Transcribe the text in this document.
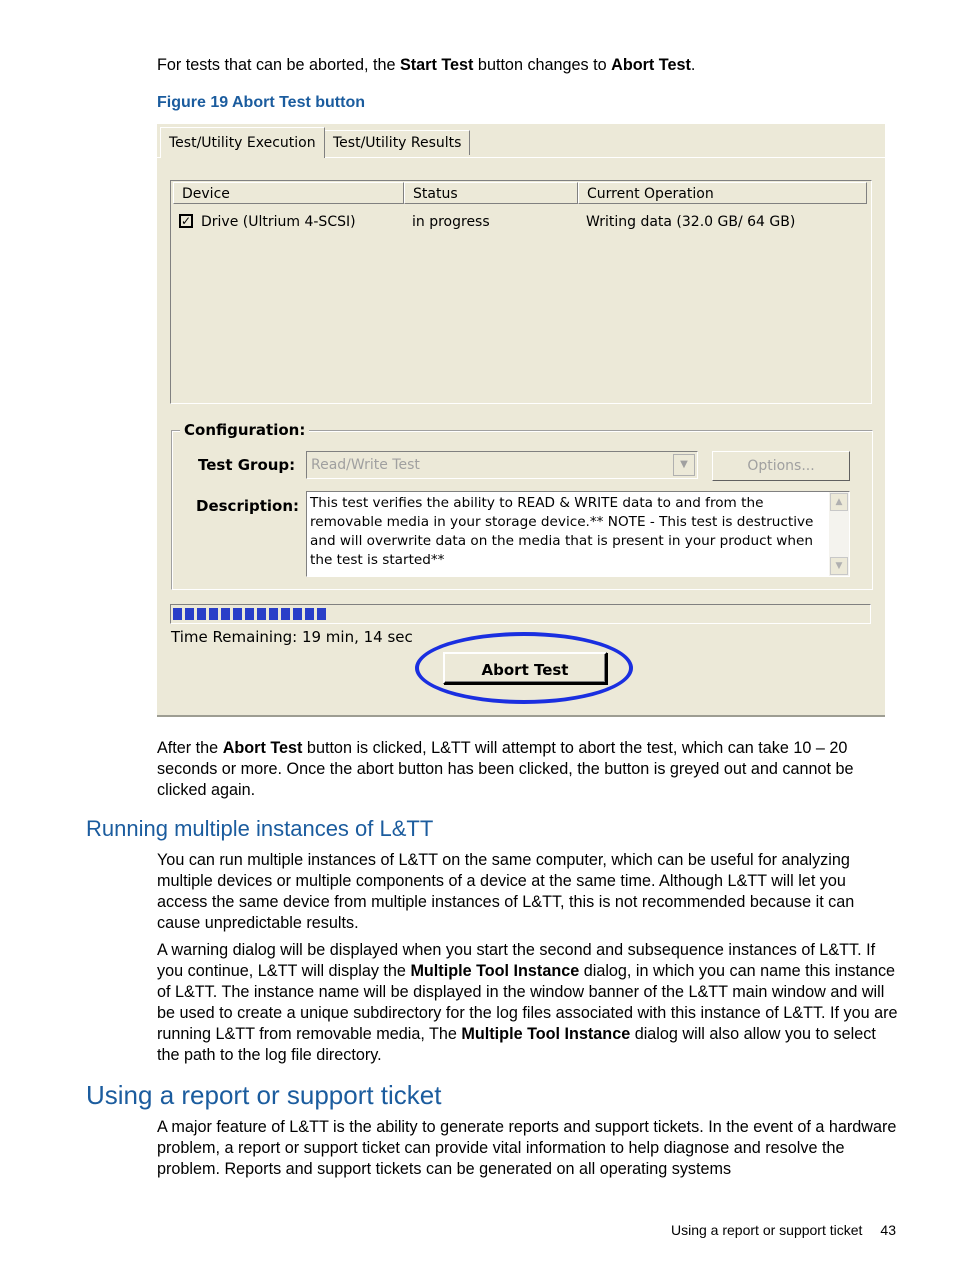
For tests that can be aborted, the Start Test button changes to Abort Test.

Figure 19 Abort Test button
Test/Utility Execution	Test/Utility Results
Device	Status	Current Operation
✓ Drive (Ultrium 4-SCSI)	in progress	Writing data (32.0 GB/ 64 GB)
Configuration:
Test Group: Read/Write Test	▼	Options...
Description: This test verifies the ability to READ & WRITE data to and from the removable media in your storage device.** NOTE - This test is destructive and will overwrite data on the media that is present in your product when the test is started**
▲
▼
Time Remaining: 19 min, 14 sec
Abort Test

After the Abort Test button is clicked, L&TT will attempt to abort the test, which can take 10 – 20 seconds or more. Once the abort button has been clicked, the button is greyed out and cannot be clicked again.

Running multiple instances of L&TT

You can run multiple instances of L&TT on the same computer, which can be useful for analyzing multiple devices or multiple components of a device at the same time. Although L&TT will let you access the same device from multiple instances of L&TT, this is not recommended because it can cause unpredictable results.

A warning dialog will be displayed when you start the second and subsequence instances of L&TT. If you continue, L&TT will display the Multiple Tool Instance dialog, in which you can name this instance of L&TT. The instance name will be displayed in the window banner of the L&TT main window and will be used to create a unique subdirectory for the log files associated with this instance of L&TT. If you are running L&TT from removable media, The Multiple Tool Instance dialog will also allow you to select the path to the log file directory.

Using a report or support ticket

A major feature of L&TT is the ability to generate reports and support tickets. In the event of a hardware problem, a report or support ticket can provide vital information to help diagnose and resolve the problem. Reports and support tickets can be generated on all operating systems

Using a report or support ticket 43
